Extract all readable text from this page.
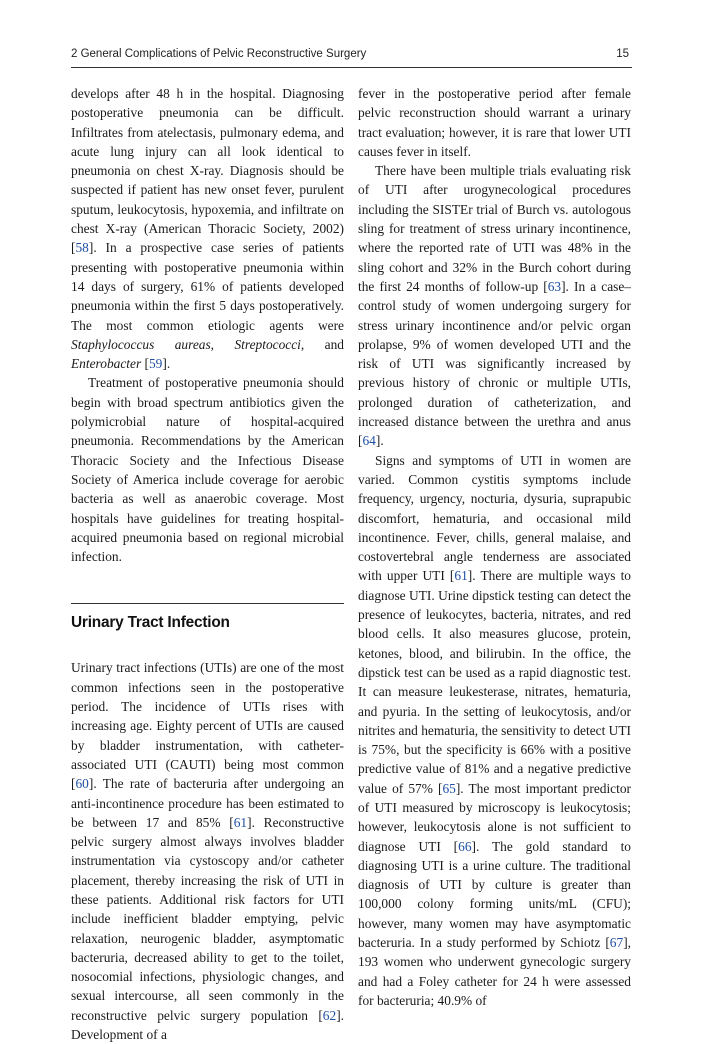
2 General Complications of Pelvic Reconstructive Surgery	15

develops after 48 h in the hospital. Diagnosing postoperative pneumonia can be difficult. Infiltrates from atelectasis, pulmonary edema, and acute lung injury can all look identical to pneumonia on chest X-ray. Diagnosis should be suspected if patient has new onset fever, purulent sputum, leukocytosis, hypoxemia, and infiltrate on chest X-ray (American Thoracic Society, 2002) [58]. In a prospective case series of patients presenting with postoperative pneumonia within 14 days of surgery, 61% of patients developed pneumonia within the first 5 days postoperatively. The most common etiologic agents were Staphylococcus aureas, Streptococci, and Enterobacter [59].

Treatment of postoperative pneumonia should begin with broad spectrum antibiotics given the polymicrobial nature of hospital-acquired pneumonia. Recommendations by the American Thoracic Society and the Infectious Disease Society of America include coverage for aerobic bacteria as well as anaerobic coverage. Most hospitals have guidelines for treating hospital-acquired pneumonia based on regional microbial infection.

Urinary Tract Infection

Urinary tract infections (UTIs) are one of the most common infections seen in the postoperative period. The incidence of UTIs rises with increasing age. Eighty percent of UTIs are caused by bladder instrumentation, with catheter-associated UTI (CAUTI) being most common [60]. The rate of bacteruria after undergoing an anti-incontinence procedure has been estimated to be between 17 and 85% [61]. Reconstructive pelvic surgery almost always involves bladder instrumentation via cystoscopy and/or catheter placement, thereby increasing the risk of UTI in these patients. Additional risk factors for UTI include inefficient bladder emptying, pelvic relaxation, neurogenic bladder, asymptomatic bacteruria, decreased ability to get to the toilet, nosocomial infections, physiologic changes, and sexual intercourse, all seen commonly in the reconstructive pelvic surgery population [62]. Development of a

fever in the postoperative period after female pelvic reconstruction should warrant a urinary tract evaluation; however, it is rare that lower UTI causes fever in itself.

There have been multiple trials evaluating risk of UTI after urogynecological procedures including the SISTEr trial of Burch vs. autologous sling for treatment of stress urinary incontinence, where the reported rate of UTI was 48% in the sling cohort and 32% in the Burch cohort during the first 24 months of follow-up [63]. In a case–control study of women undergoing surgery for stress urinary incontinence and/or pelvic organ prolapse, 9% of women developed UTI and the risk of UTI was significantly increased by previous history of chronic or multiple UTIs, prolonged duration of catheterization, and increased distance between the urethra and anus [64].

Signs and symptoms of UTI in women are varied. Common cystitis symptoms include frequency, urgency, nocturia, dysuria, suprapubic discomfort, hematuria, and occasional mild incontinence. Fever, chills, general malaise, and costovertebral angle tenderness are associated with upper UTI [61]. There are multiple ways to diagnose UTI. Urine dipstick testing can detect the presence of leukocytes, bacteria, nitrates, and red blood cells. It also measures glucose, protein, ketones, blood, and bilirubin. In the office, the dipstick test can be used as a rapid diagnostic test. It can measure leukesterase, nitrates, hematuria, and pyuria. In the setting of leukocytosis, and/or nitrites and hematuria, the sensitivity to detect UTI is 75%, but the specificity is 66% with a positive predictive value of 81% and a negative predictive value of 57% [65]. The most important predictor of UTI measured by microscopy is leukocytosis; however, leukocytosis alone is not sufficient to diagnose UTI [66]. The gold standard to diagnosing UTI is a urine culture. The traditional diagnosis of UTI by culture is greater than 100,000 colony forming units/mL (CFU); however, many women may have asymptomatic bacteruria. In a study performed by Schiotz [67], 193 women who underwent gynecologic surgery and had a Foley catheter for 24 h were assessed for bacteruria; 40.9% of
